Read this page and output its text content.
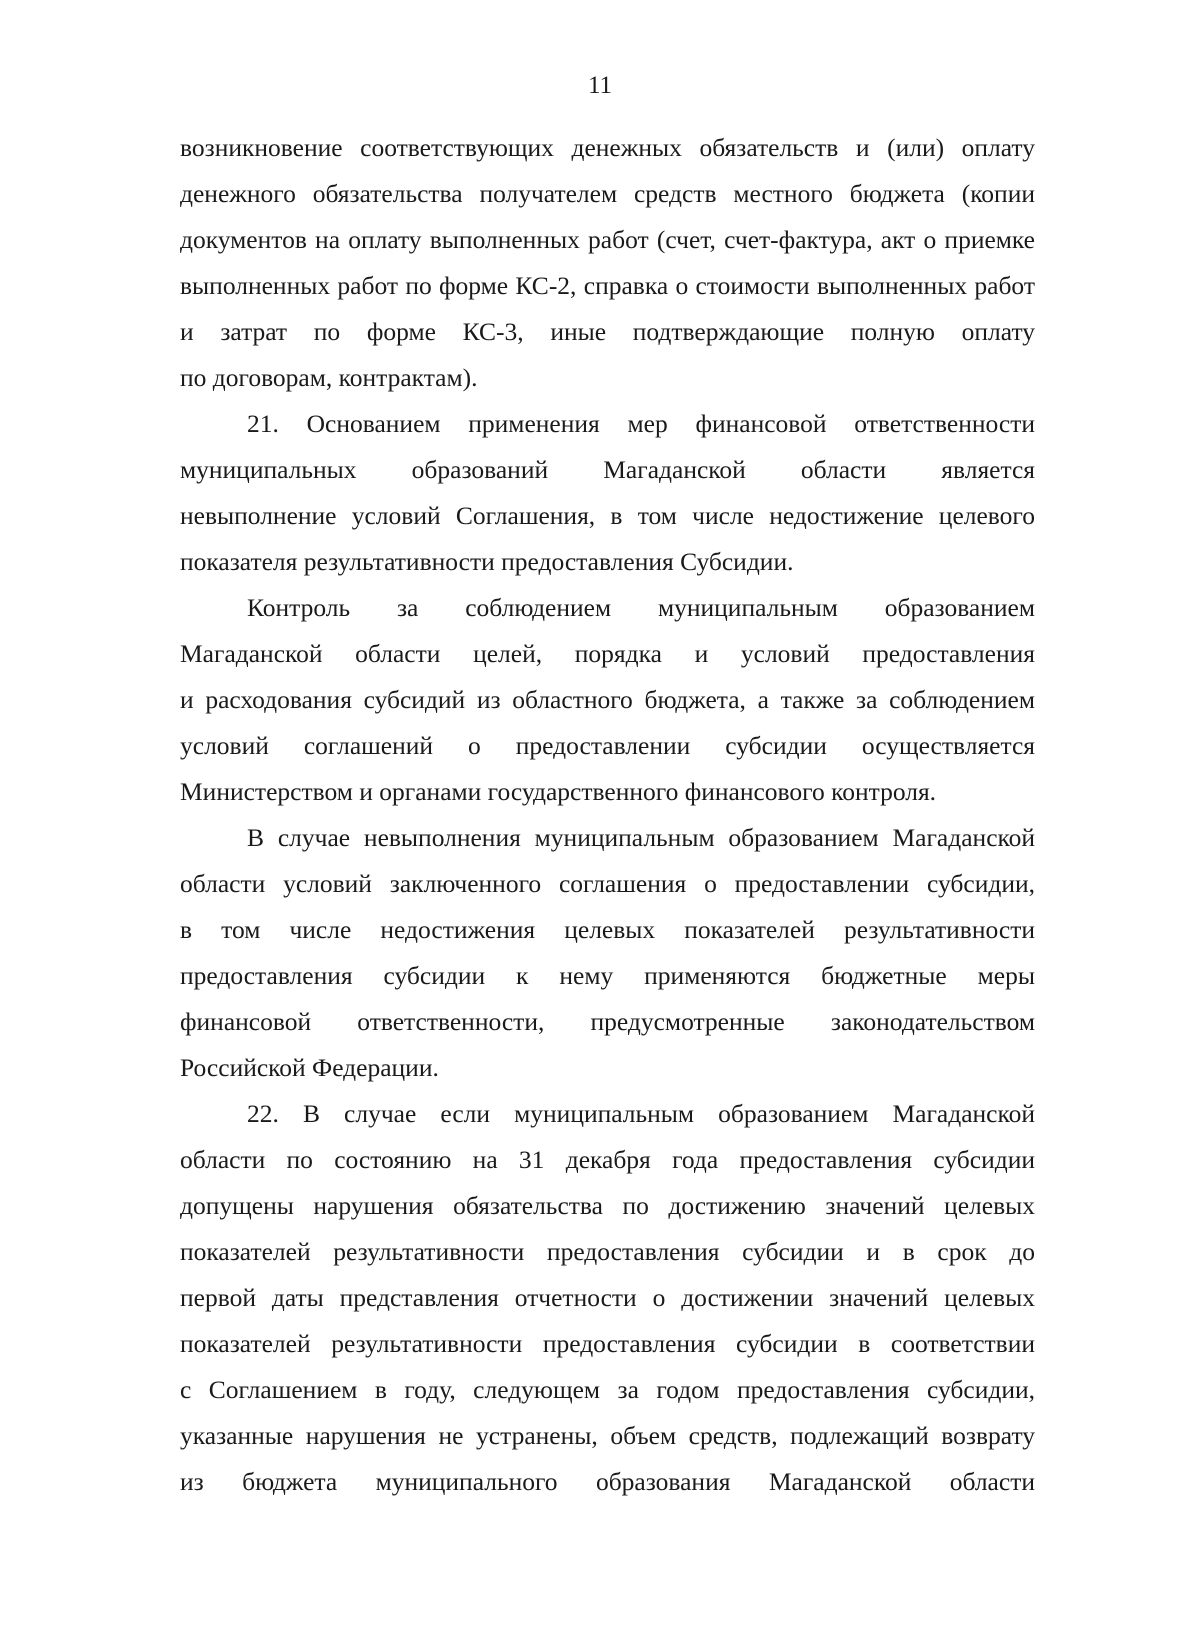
11
возникновение соответствующих денежных обязательств и (или) оплату
денежного обязательства получателем средств местного бюджета (копии
документов на оплату выполненных работ (счет, счет-фактура, акт о приемке
выполненных работ по форме КС-2, справка о стоимости выполненных работ
и затрат по форме КС-3, иные подтверждающие полную оплату
по договорам, контрактам).
21. Основанием применения мер финансовой ответственности
муниципальных образований Магаданской области является
невыполнение условий Соглашения, в том числе недостижение целевого
показателя результативности предоставления Субсидии.
Контроль за соблюдением муниципальным образованием
Магаданской области целей, порядка и условий предоставления
и расходования субсидий из областного бюджета, а также за соблюдением
условий соглашений о предоставлении субсидии осуществляется
Министерством и органами государственного финансового контроля.
В случае невыполнения муниципальным образованием Магаданской
области условий заключенного соглашения о предоставлении субсидии,
в том числе недостижения целевых показателей результативности
предоставления субсидии к нему применяются бюджетные меры
финансовой ответственности, предусмотренные законодательством
Российской Федерации.
22. В случае если муниципальным образованием Магаданской
области по состоянию на 31 декабря года предоставления субсидии
допущены нарушения обязательства по достижению значений целевых
показателей результативности предоставления субсидии и в срок до
первой даты представления отчетности о достижении значений целевых
показателей результативности предоставления субсидии в соответствии
с Соглашением в году, следующем за годом предоставления субсидии,
указанные нарушения не устранены, объем средств, подлежащий возврату
из бюджета муниципального образования Магаданской области
